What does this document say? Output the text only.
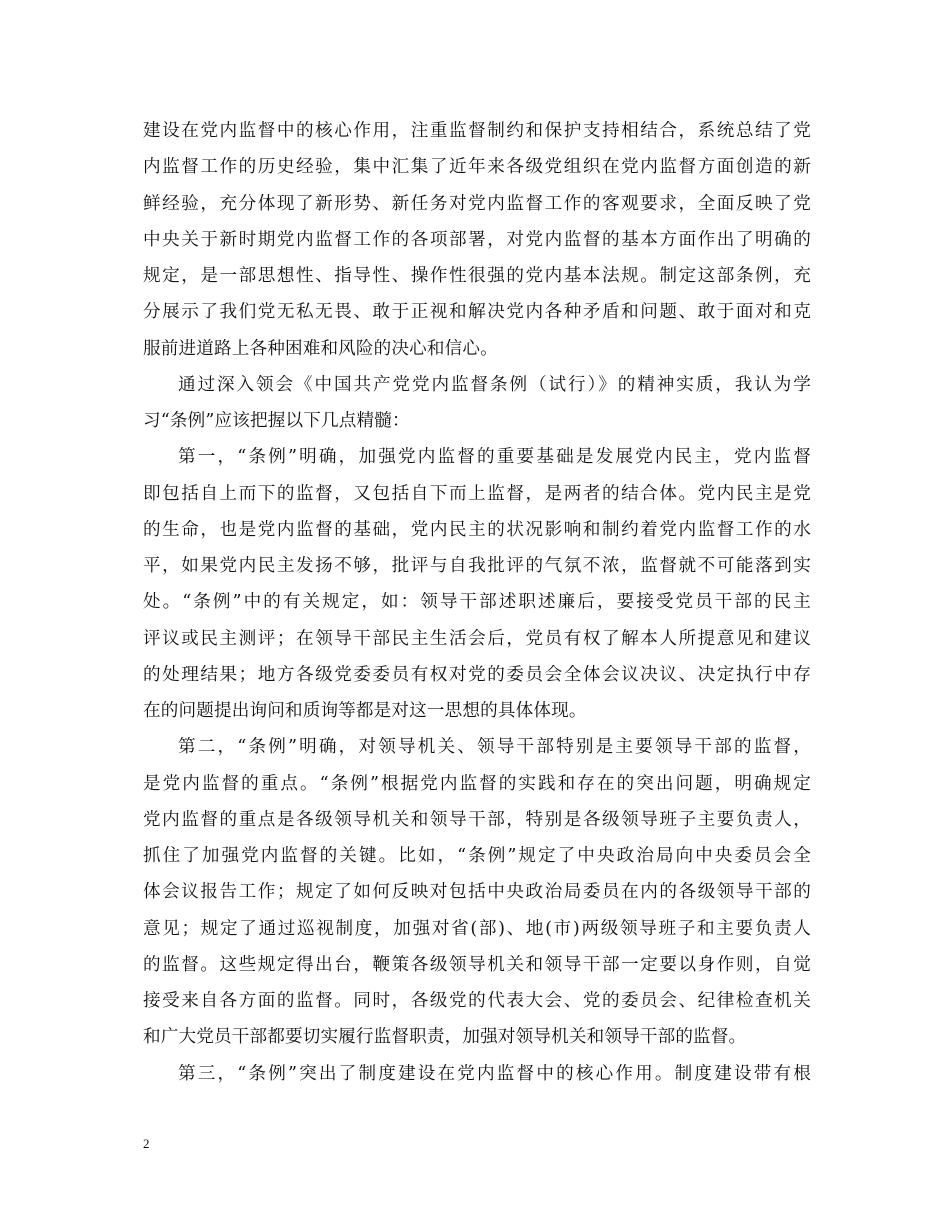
建设在党内监督中的核心作用，注重监督制约和保护支持相结合，系统总结了党
内监督工作的历史经验，集中汇集了近年来各级党组织在党内监督方面创造的新
鲜经验，充分体现了新形势、新任务对党内监督工作的客观要求，全面反映了党
中央关于新时期党内监督工作的各项部署，对党内监督的基本方面作出了明确的
规定，是一部思想性、指导性、操作性很强的党内基本法规。制定这部条例，充
分展示了我们党无私无畏、敢于正视和解决党内各种矛盾和问题、敢于面对和克
服前进道路上各种困难和风险的决心和信心。
通过深入领会《中国共产党党内监督条例（试行）》的精神实质，我认为学
习“条例”应该把握以下几点精髓：
第一，“条例”明确，加强党内监督的重要基础是发展党内民主，党内监督
即包括自上而下的监督，又包括自下而上监督，是两者的结合体。党内民主是党
的生命，也是党内监督的基础，党内民主的状况影响和制约着党内监督工作的水
平，如果党内民主发扬不够，批评与自我批评的气氛不浓，监督就不可能落到实
处。“条例”中的有关规定，如：领导干部述职述廉后，要接受党员干部的民主
评议或民主测评；在领导干部民主生活会后，党员有权了解本人所提意见和建议
的处理结果；地方各级党委委员有权对党的委员会全体会议决议、决定执行中存
在的问题提出询问和质询等都是对这一思想的具体体现。
第二，“条例”明确，对领导机关、领导干部特别是主要领导干部的监督，
是党内监督的重点。“条例”根据党内监督的实践和存在的突出问题，明确规定
党内监督的重点是各级领导机关和领导干部，特别是各级领导班子主要负责人，
抓住了加强党内监督的关键。比如，“条例”规定了中央政治局向中央委员会全
体会议报告工作；规定了如何反映对包括中央政治局委员在内的各级领导干部的
意见；规定了通过巡视制度，加强对省(部)、地(市)两级领导班子和主要负责人
的监督。这些规定得出台，鞭策各级领导机关和领导干部一定要以身作则，自觉
接受来自各方面的监督。同时，各级党的代表大会、党的委员会、纪律检查机关
和广大党员干部都要切实履行监督职责，加强对领导机关和领导干部的监督。
第三，“条例”突出了制度建设在党内监督中的核心作用。制度建设带有根
2
